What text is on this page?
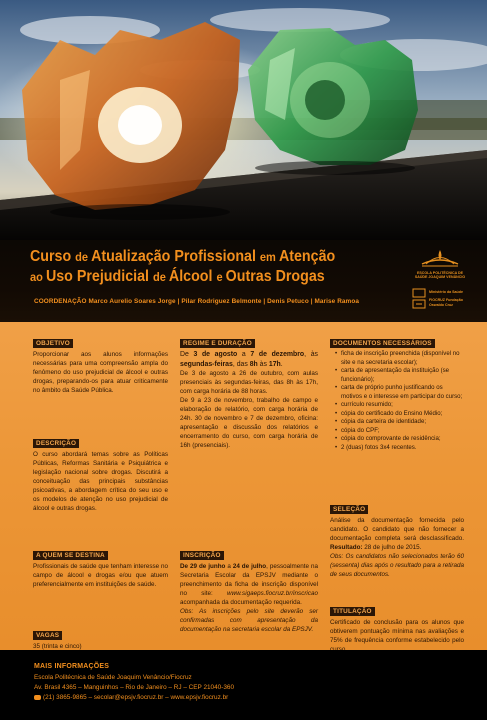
Curso de Atualização Profissional em Atenção
ao Uso Prejudicial de Álcool e Outras Drogas
COORDENAÇÃO Marco Aurelio Soares Jorge | Pilar Rodriguez Belmonte | Denis Petuco | Marise Ramoa
ESCOLA POLITÉCNICA DE SAÚDE JOAQUIM VENÂNCIO
Ministério da Saúde

FIOCRUZ Fundação Oswaldo Cruz
OBJETIVO
Proporcionar aos alunos informações necessárias para uma compreensão ampla do fenômeno do uso prejudicial de álcool e outras drogas, preparando-os para atuar criticamente no âmbito da Saúde Pública.
DESCRIÇÃO
O curso abordará temas sobre as Políticas Públicas, Reformas Sanitária e Psiquiátrica e legislação nacional sobre drogas. Discutirá a conceituação das principais substâncias psicoativas, a abordagem crítica do seu uso e os modelos de atenção no uso prejudicial de álcool e outras drogas.
A QUEM SE DESTINA
Profissionais de saúde que tenham interesse no campo de álcool e drogas e/ou que atuem preferencialmente em instituições de saúde.
VAGAS
35 (trinta e cinco)
REGIME E DURAÇÃO
De 3 de agosto a 7 de dezembro, às segundas-feiras, das 8h às 17h.
De 3 de agosto a 26 de outubro, com aulas presenciais às segundas-feiras, das 8h às 17h, com carga horária de 88 horas.
De 9 a 23 de novembro, trabalho de campo e elaboração de relatório, com carga horária de 24h. 30 de novembro e 7 de dezembro, oficina: apresentação e discussão dos relatórios e encerramento do curso, com carga horária de 16h (presenciais).
INSCRIÇÃO
De 29 de junho a 24 de julho, pessoalmente na Secretaria Escolar da EPSJV mediante o preenchimento da ficha de inscrição disponível no site: www.sigaeps.fiocruz.br/inscricao acompanhada da documentação requerida.
Obs: As inscrições pelo site deverão ser confirmadas com apresentação da documentação na secretaria escolar da EPSJV.
DOCUMENTOS NECESSÁRIOS
• ficha de inscrição preenchida (disponível no site e na secretaria escolar);
• carta de apresentação da instituição (se funcionário);
• carta de próprio punho justificando os motivos e o interesse em participar do curso;
• currículo resumido;
• cópia do certificado do Ensino Médio;
• cópia da carteira de identidade;
• cópia do CPF;
• cópia do comprovante de residência;
• 2 (duas) fotos 3x4 recentes.
SELEÇÃO
Análise da documentação fornecida pelo candidato. O candidato que não fornecer a documentação completa será desclassificado. Resultado: 28 de julho de 2015.
Obs: Os candidatos não selecionados terão 60 (sessenta) dias após o resultado para a retirada de seus documentos.
TITULAÇÃO
Certificado de conclusão para os alunos que obtiverem pontuação mínima nas avaliações e 75% de frequência conforme estabelecido pelo
MAIS INFORMAÇÕES
Escola Politécnica de Saúde Joaquim Venâncio/Fiocruz
Av. Brasil 4365 – Manguinhos – Rio de Janeiro – RJ – CEP 21040-360
(21) 3865-9865 – secolar@epsjv.fiocruz.br – www.epsjv.fiocruz.br
